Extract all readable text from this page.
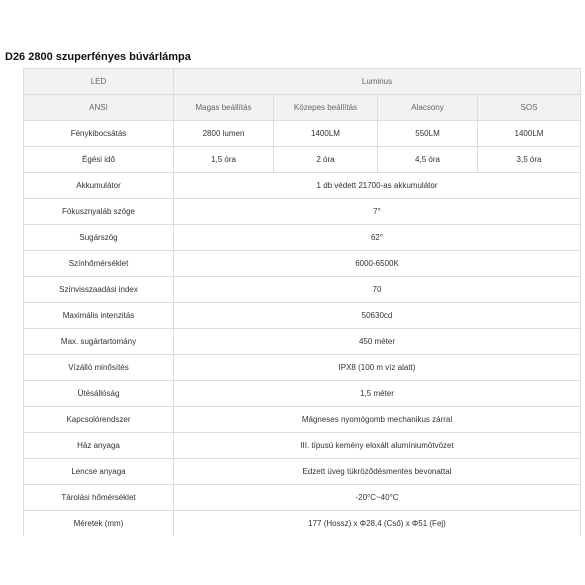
D26 2800 szuperfényes búvárlámpa
LED	Luminus			
ANSI	Magas beállítás	Közepes beállítás	Alacsony	SOS
Fénykibocsátás	2800 lumen	1400LM	550LM	1400LM
Égési idő	1,5 óra	2 óra	4,5 óra	3,5 óra
Akkumulátor	1 db védett 21700-as akkumulátor			
Fókusznyaláb szöge	7°			
Sugárszög	62°			
Színhőmérséklet	6000-6500K			
Színvisszaadási index	70			
Maximális intenzitás	50630cd			
Max. sugártartomány	450 méter			
Vízálló minősítés	IPX8 (100 m víz alatt)			
Ütésállóság	1,5 méter			
Kapcsolórendszer	Mágneses nyomógomb mechanikus zárral			
Ház anyaga	III. típusú kemény eloxált alumíniumötvözet			
Lencse anyaga	Edzett üveg tükröződésmentes bevonattal			
Tárolási hőmérséklet	-20°C~40°C			
Méretek (mm)	177 (Hossz) x Φ28,4 (Cső) x Φ51 (Fej)			
